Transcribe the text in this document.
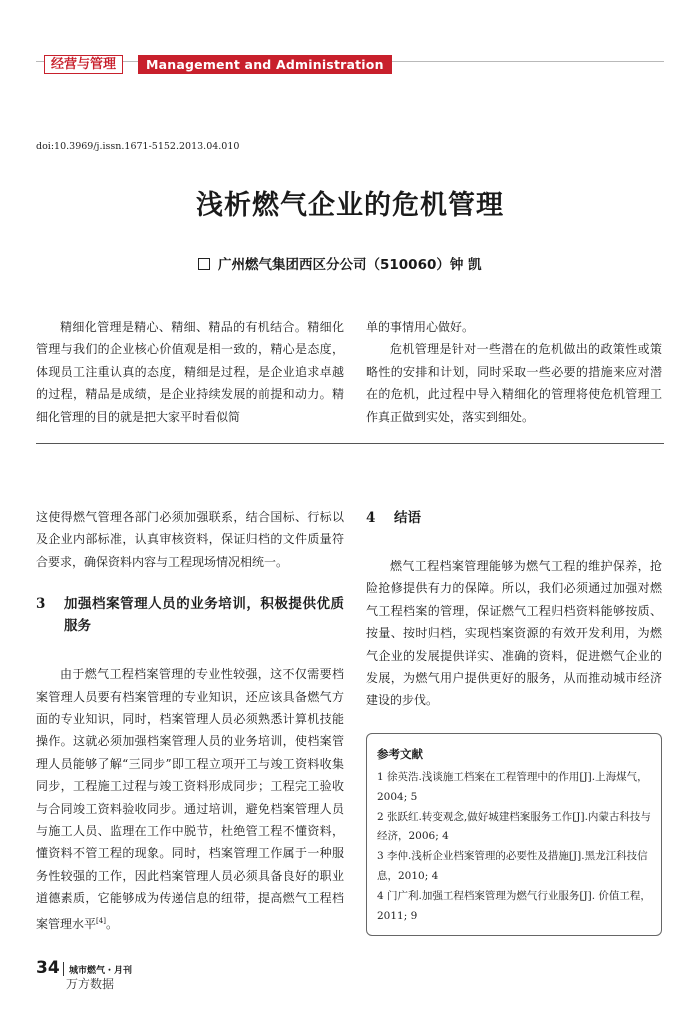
经营与管理	Management and Administration
doi:10.3969/j.issn.1671-5152.2013.04.010
浅析燃气企业的危机管理
广州燃气集团西区分公司（510060）钟 凯

精细化管理是精心、精细、精品的有机结合。精细化管理与我们的企业核心价值观是相一致的，精心是态度，体现员工注重认真的态度，精细是过程，是企业追求卓越的过程，精品是成绩，是企业持续发展的前提和动力。精细化管理的目的就是把大家平时看似简

单的事情用心做好。

危机管理是针对一些潜在的危机做出的政策性或策略性的安排和计划，同时采取一些必要的措施来应对潜在的危机，此过程中导入精细化的管理将使危机管理工作真正做到实处，落实到细处。

这使得燃气管理各部门必须加强联系，结合国标、行标以及企业内部标准，认真审核资料，保证归档的文件质量符合要求，确保资料内容与工程现场情况相统一。

3	加强档案管理人员的业务培训，积极提供优质服务

由于燃气工程档案管理的专业性较强，这不仅需要档案管理人员要有档案管理的专业知识，还应该具备燃气方面的专业知识，同时，档案管理人员必须熟悉计算机技能操作。这就必须加强档案管理人员的业务培训，使档案管理人员能够了解“三同步”即工程立项开工与竣工资料收集同步，工程施工过程与竣工资料形成同步；工程完工验收与合同竣工资料验收同步。通过培训，避免档案管理人员与施工人员、监理在工作中脱节，杜绝管工程不懂资料，懂资料不管工程的现象。同时，档案管理工作属于一种服务性较强的工作，因此档案管理人员必须具备良好的职业道德素质，它能够成为传递信息的纽带，提高燃气工程档案管理水平[4]。

4 结语

燃气工程档案管理能够为燃气工程的维护保养，抢险抢修提供有力的保障。所以，我们必须通过加强对燃气工程档案的管理，保证燃气工程归档资料能够按质、按量、按时归档，实现档案资源的有效开发利用，为燃气企业的发展提供详实、准确的资料，促进燃气企业的发展，为燃气用户提供更好的服务，从而推动城市经济建设的步伐。

参考文献
1 徐英浩.浅谈施工档案在工程管理中的作用[J].上海煤气，2004; 5
2 张跃红.转变观念,做好城建档案服务工作[J].内蒙古科技与经济，2006; 4
3 李仲.浅析企业档案管理的必要性及措施[J].黑龙江科技信息，2010; 4
4 门广利.加强工程档案管理为燃气行业服务[J]. 价值工程，2011; 9
34 城市燃气・月刊
万方数据
